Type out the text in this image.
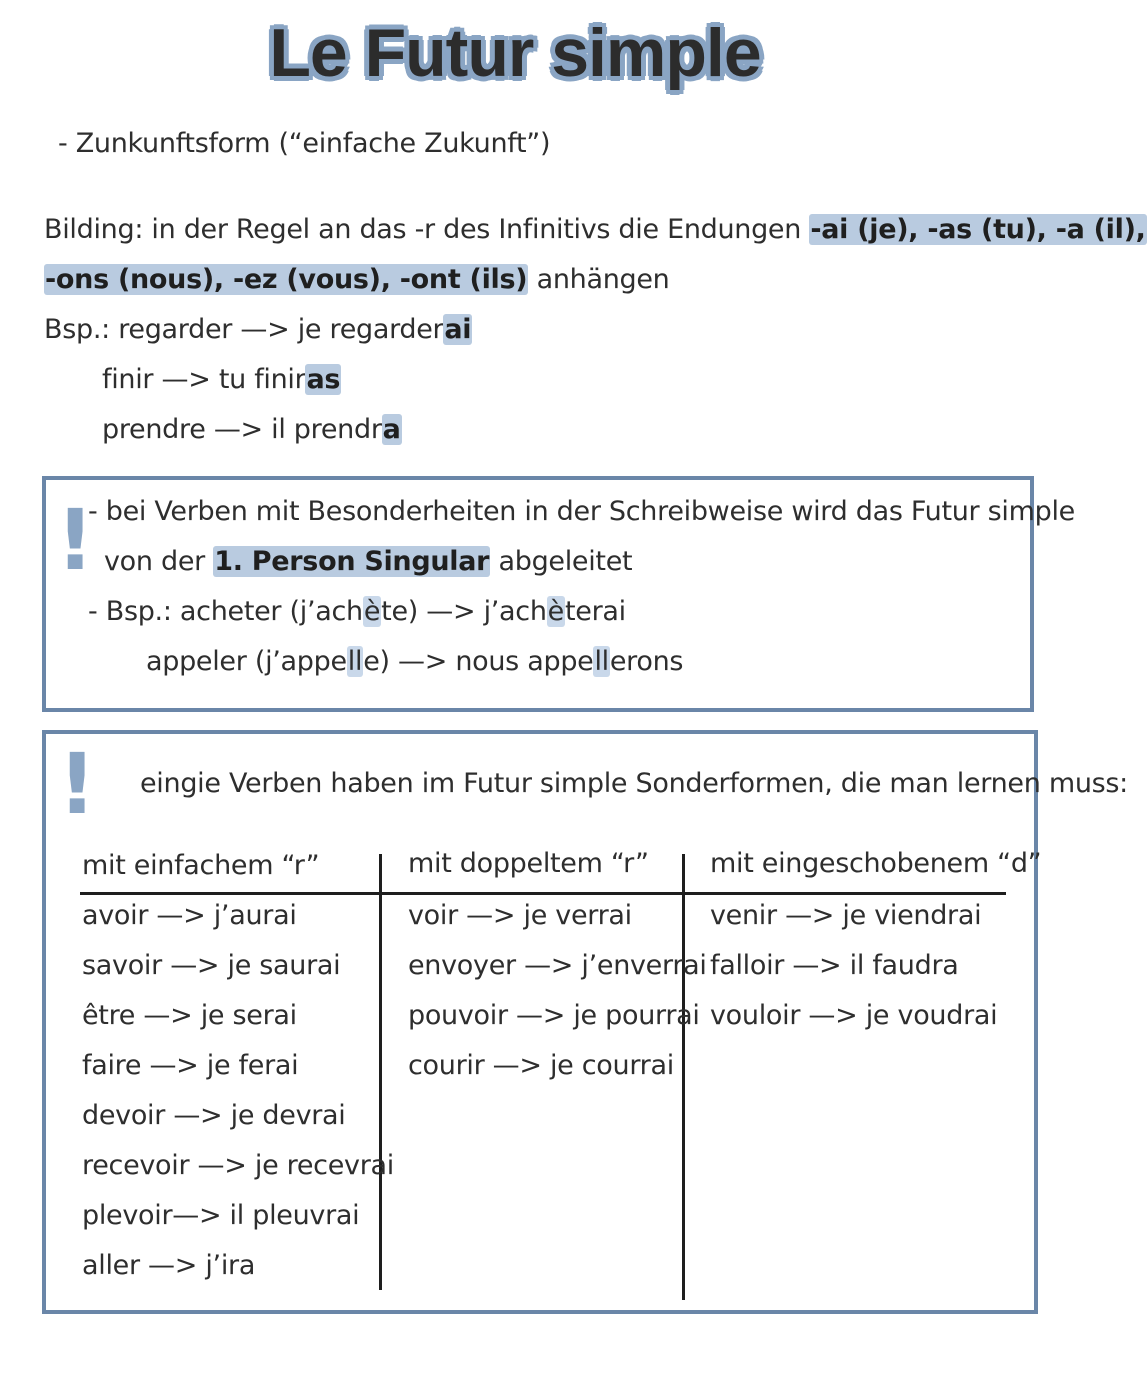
Le Futur simple
- Zunkunftsform (“einfache Zukunft”)
Bilding: in der Regel an das -r des Infinitivs die Endungen -ai (je), -as (tu), -a (il),
-ons (nous), -ez (vous), -ont (ils) anhängen
Bsp.: regarder —> je regarderai
finir —> tu finiras
prendre —> il prendra
!
- bei Verben mit Besonderheiten in der Schreibweise wird das Futur simple
von der 1. Person Singular abgeleitet
- Bsp.: acheter (j’achète) —> j’achèterai
appeler (j’appelle) —> nous appellerons
! eingie Verben haben im Futur simple Sonderformen, die man lernen muss:
mit einfachem “r”	mit doppeltem “r” mit eingeschobenem “d”
avoir —> j’aurai
savoir —> je saurai
être —> je serai
faire —> je ferai
devoir —> je devrai
recevoir —> je recevrai
plevoir—> il pleuvrai
aller —> j’ira
voir —> je verrai
envoyer —> j’enverrai
pouvoir —> je pourrai
courir —> je courrai
venir —> je viendrai
falloir —> il faudra
vouloir —> je voudrai
